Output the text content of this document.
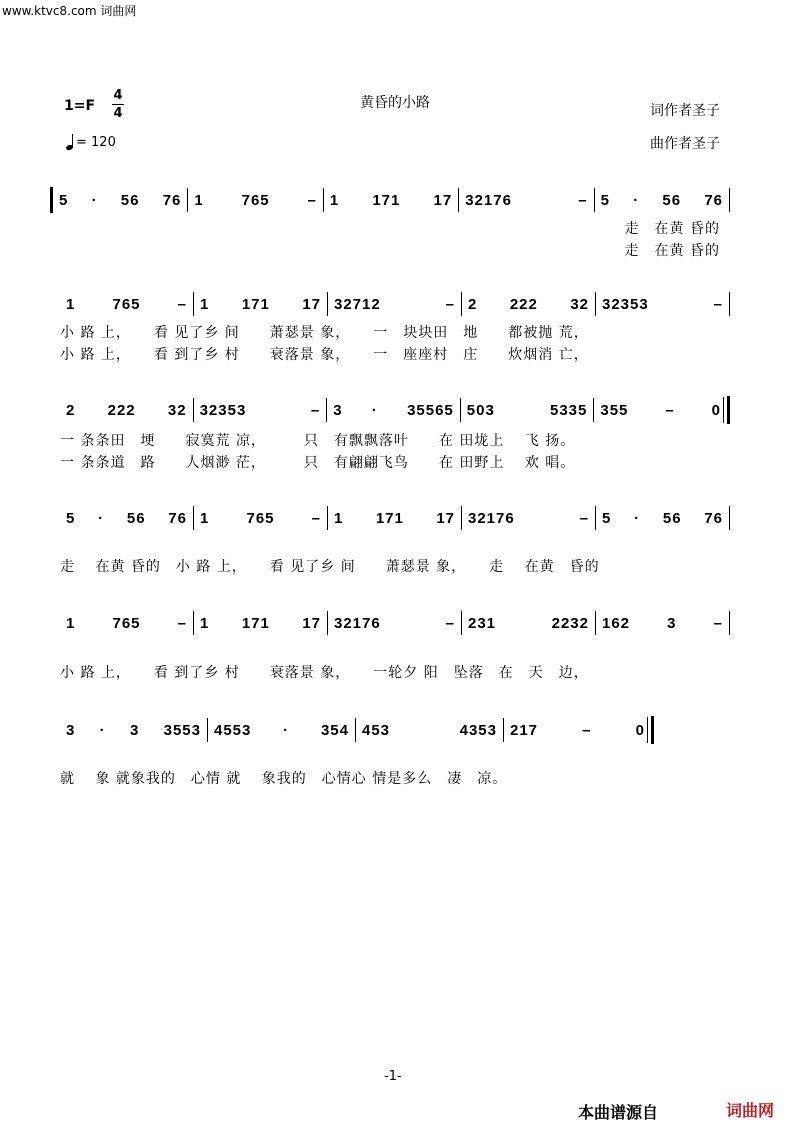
www.ktvc8.com 词曲网
黄昏的小路
1=F
4
4
= 120
词作者圣子
曲作者圣子
5 · 56 76 1 765 – 1 171 17 32176 – 5 · 56 76
走　在黄 昏的
走　在黄 昏的
1 765 – 1 171 17 32712 – 2 222 32 32353 –
小 路 上，　　看 见了乡 间　　萧瑟景 象，　　一　块块田　地　　都被抛 荒，
小 路 上，　　看 到了乡 村　　衰落景 象，　　一　座座村　庄　　炊烟消 亡，
2 222 32 32353 – 3 · 35565 503 5335 355 – 0
一 条条田　埂　　寂寞荒 凉，　　　只　有飘飘落叶　　在 田垅上　 飞 扬。
一 条条道　路　　人烟渺 茫，　　　只　有翩翩飞鸟　　在 田野上　 欢 唱。
5 · 56 76 1 765 – 1 171 17 32176 – 5 · 56 76
走　 在黄 昏的　小 路 上，　　看 见了乡 间　　萧瑟景 象，　　走　 在黄　昏的
1 765 – 1 171 17 32176 – 231 2232 162 3 –
小 路 上，　　看 到了乡 村　　衰落景 象，　　一轮夕 阳　坠落　在　天　边，
3 · 3 3553 4553 · 354 453 4353 217 – 0
就　 象 就象我的　心情 就　 象我的　心情心 情是多么　凄　凉。
-1-
本曲谱源自	词曲网
